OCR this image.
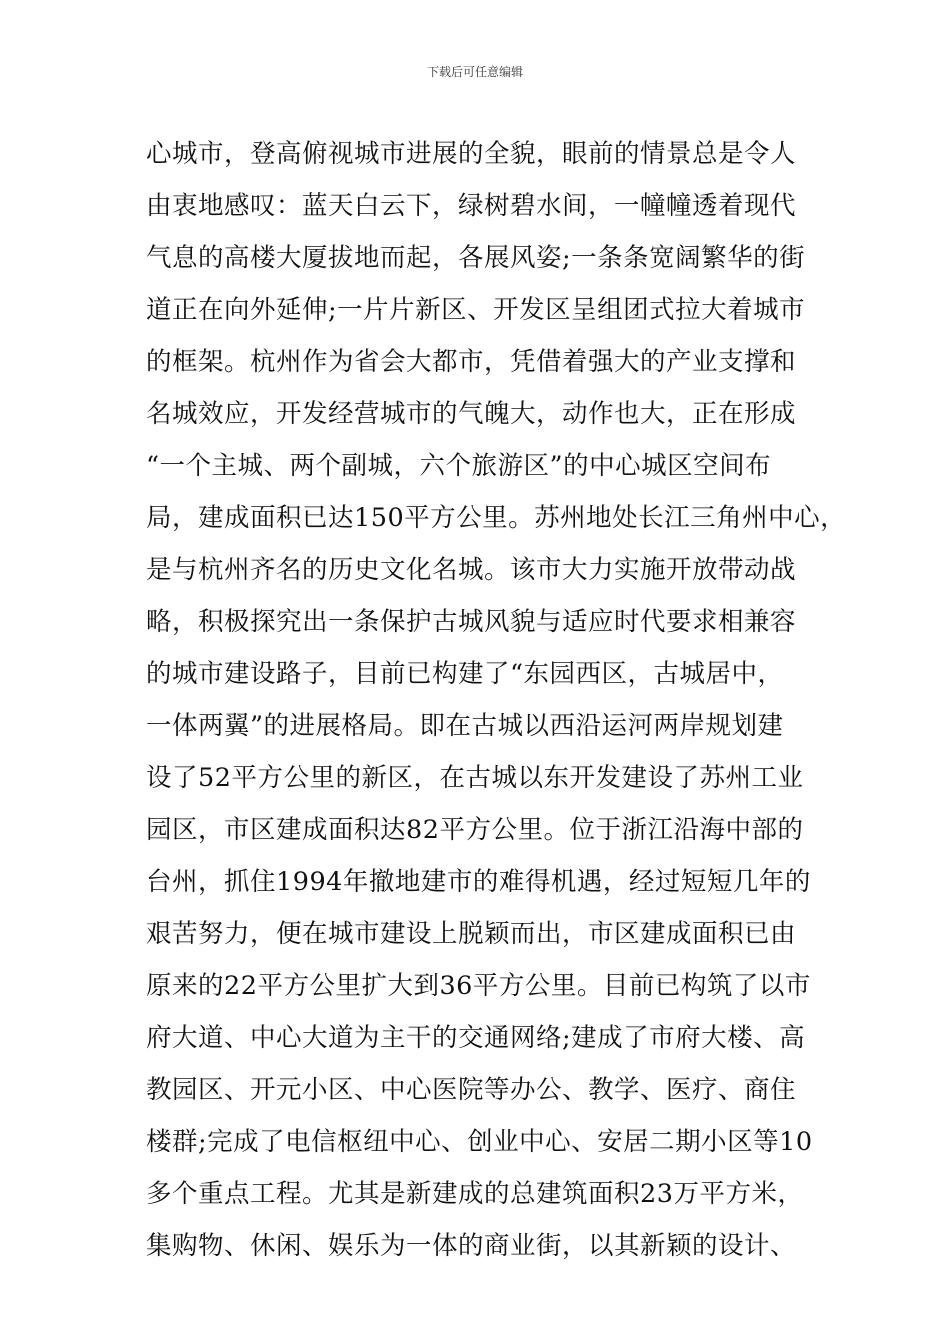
下载后可任意编辑
心城市，登高俯视城市进展的全貌，眼前的情景总是令人
由衷地感叹：蓝天白云下，绿树碧水间，一幢幢透着现代
气息的高楼大厦拔地而起，各展风姿;一条条宽阔繁华的街
道正在向外延伸;一片片新区、开发区呈组团式拉大着城市
的框架。杭州作为省会大都市，凭借着强大的产业支撑和
名城效应，开发经营城市的气魄大，动作也大，正在形成
“一个主城、两个副城，六个旅游区”的中心城区空间布
局，建成面积已达150平方公里。苏州地处长江三角州中心，
是与杭州齐名的历史文化名城。该市大力实施开放带动战
略，积极探究出一条保护古城风貌与适应时代要求相兼容
的城市建设路子，目前已构建了“东园西区，古城居中，
一体两翼”的进展格局。即在古城以西沿运河两岸规划建
设了52平方公里的新区，在古城以东开发建设了苏州工业
园区，市区建成面积达82平方公里。位于浙江沿海中部的
台州，抓住1994年撤地建市的难得机遇，经过短短几年的
艰苦努力，便在城市建设上脱颖而出，市区建成面积已由
原来的22平方公里扩大到36平方公里。目前已构筑了以市
府大道、中心大道为主干的交通网络;建成了市府大楼、高
教园区、开元小区、中心医院等办公、教学、医疗、商住
楼群;完成了电信枢纽中心、创业中心、安居二期小区等10
多个重点工程。尤其是新建成的总建筑面积23万平方米，
集购物、休闲、娱乐为一体的商业街，以其新颖的设计、
